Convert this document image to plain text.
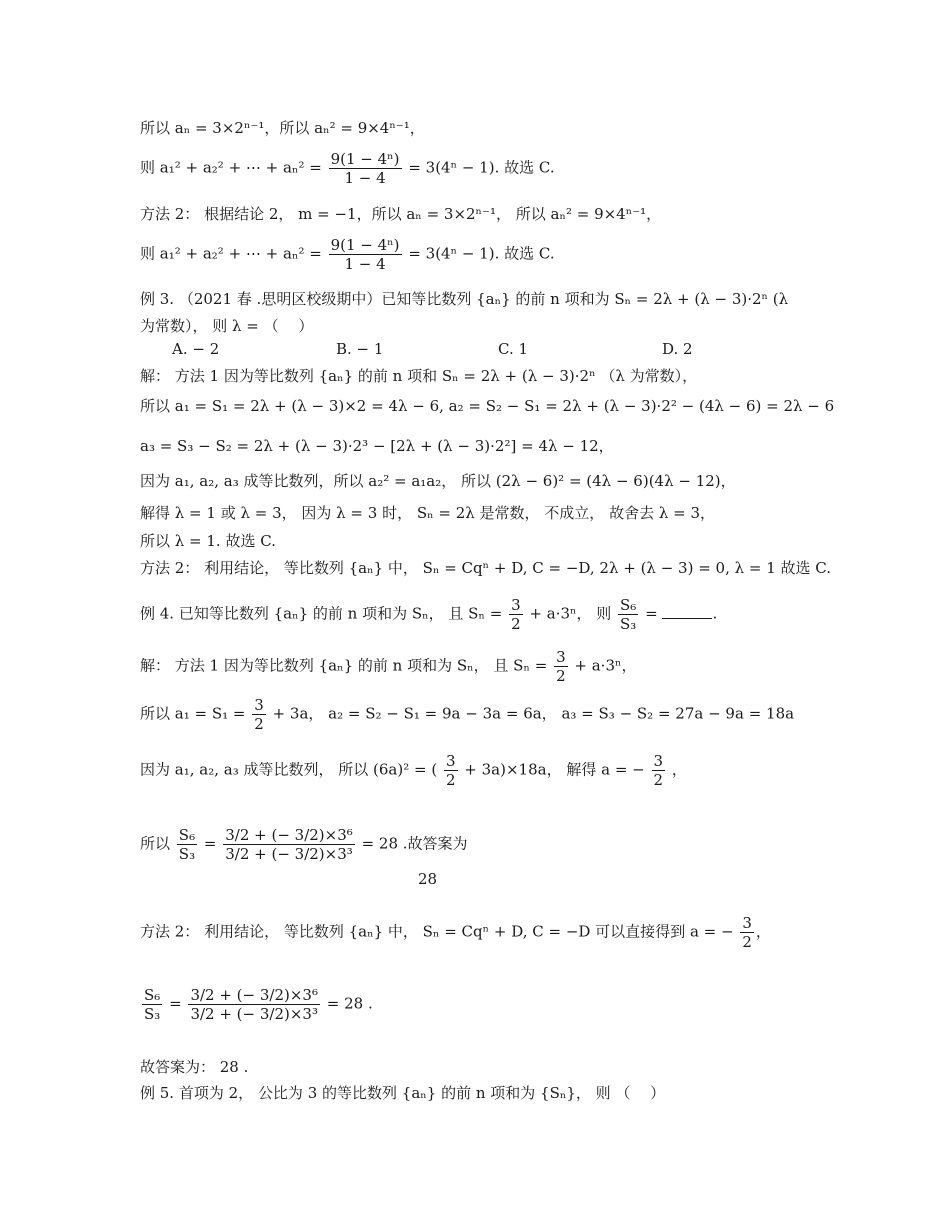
所以 aₙ = 3×2ⁿ⁻¹，所以 aₙ² = 9×4ⁿ⁻¹，
则 a₁² + a₂² + ⋯ + $a_n^2 = \frac{\text{9(1 − 4ⁿ)}}{1 - 4} = 3(4^n - 1)$. 故选 C.
方法 2： 根据结论 2， m = −1，所以 aₙ = 3×2ⁿ⁻¹， 所以 aₙ² = 9×4ⁿ⁻¹，
则 a₁² + a₂² + ⋯ + $a_n^2 = \frac{\text{9(1 − 4ⁿ)}}{1 - 4} = 3(4^n - 1)$. 故选 C.
例 3. （2021 春 .思明区校级期中）已知等比数列 {aₙ} 的前 n 项和为 Sₙ = 2λ + (λ − 3)·2ⁿ (λ
为常数）， 则 λ = （　 ）
A. − 2	B. − 1	C. 1	D. 2
解： 方法 1 因为等比数列 {aₙ} 的前 n 项和 Sₙ = 2λ + (λ − 3)·2ⁿ （λ 为常数），
所以 a₁ = S₁ = 2λ + (λ − 3)×2 = 4λ − 6, a₂ = S₂ − S₁ = 2λ + (λ − 3)·2² − (4λ − 6) = 2λ − 6
a₃ = S₃ − S₂ = 2λ + (λ − 3)·2³ − [2λ + (λ − 3)·2²] = 4λ − 12，
因为 a₁, a₂, a₃ 成等比数列，所以 a₂² = a₁a₂， 所以 (2λ − 6)² = (4λ − 6)(4λ − 12)，
解得 λ = 1 或 λ = 3， 因为 λ = 3 时， Sₙ = 2λ 是常数， 不成立， 故舍去 λ = 3，
所以 λ = 1. 故选 C.
方法 2： 利用结论， 等比数列 {aₙ} 中， Sₙ = Cqⁿ + D, C = −D, 2λ + (λ − 3) = 0, λ = 1 故选 C.
例 4. 已知等比数列 {aₙ} 的前 n 项和为 Sₙ， 且 $S_n = \frac{3}{2} + a\cdot 3^n$， 则 $\frac{\text{S₆}}{\text{S₃}}$ =	.
解： 方法 1 因为等比数列 {aₙ} 的前 n 项和为 Sₙ， 且 $S_n = \frac{3}{2} + a\cdot 3^n$，
所以 $a_1 = S_1 = \frac{3}{2} + 3a$， a₂ = S₂ − S₁ = 9a − 3a = 6a， a₃ = S₃ − S₂ = 27a − 9a = 18a
因为 a₁, a₂, a₃ 成等比数列， 所以 (6a)² = ( $\frac{3}{2} + 3a)\times 18a$， 解得 a = − $\frac{3}{2}$ ，
所以 $\frac{\text{S₆}}{\text{S₃}} = \frac{\text{3/2 + (− 3/2)×3⁶}}{\text{3/2 + (− 3/2)×3³}} = 28$ .故答案为
28
方法 2： 利用结论， 等比数列 {aₙ} 中， Sₙ = Cqⁿ + D, C = −D 可以直接得到 a = − $\frac{3}{2}$ ，
$\frac{\text{S₆}}{\text{S₃}} = \frac{\text{3/2 + (− 3/2)×3⁶}}{\text{3/2 + (− 3/2)×3³}} = 28$ .
故答案为： 28 .
例 5. 首项为 2， 公比为 3 的等比数列 {aₙ} 的前 n 项和为 {Sₙ}， 则 （　 ）
